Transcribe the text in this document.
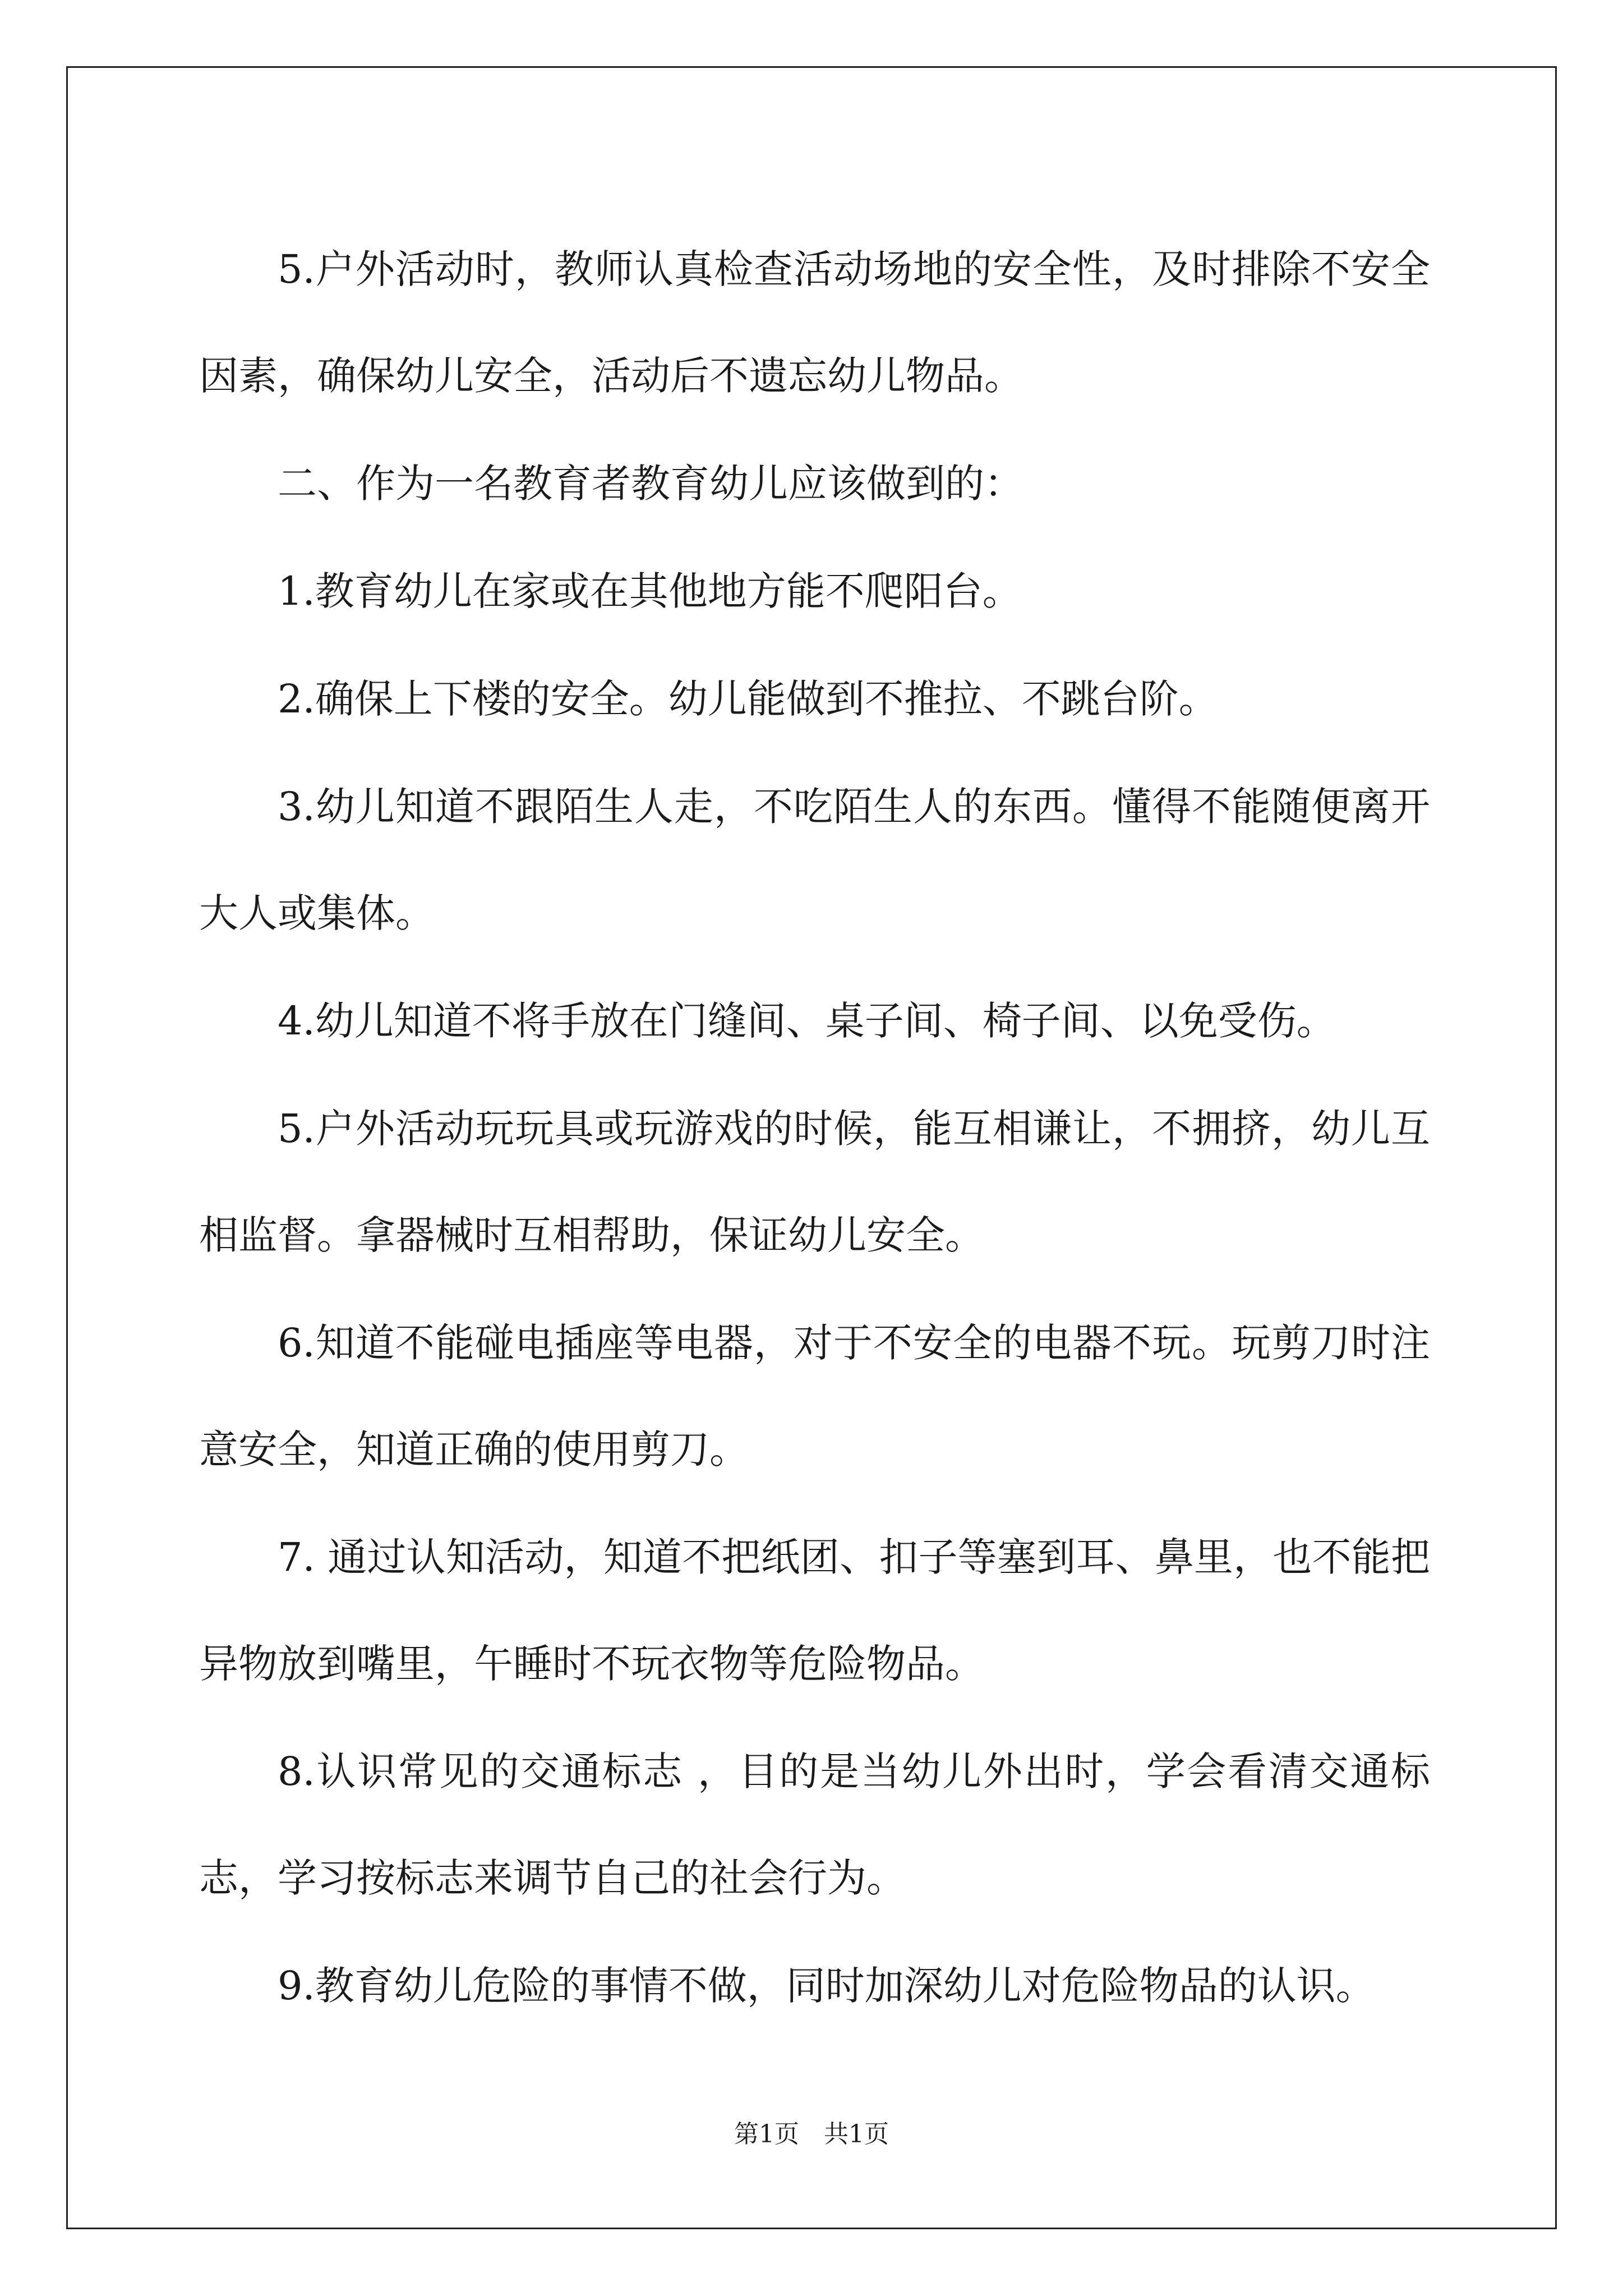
5.户外活动时，教师认真检查活动场地的安全性，及时排除不安全因素，确保幼儿安全，活动后不遗忘幼儿物品。

二、作为一名教育者教育幼儿应该做到的：

1.教育幼儿在家或在其他地方能不爬阳台。

2.确保上下楼的安全。幼儿能做到不推拉、不跳台阶。

3.幼儿知道不跟陌生人走，不吃陌生人的东西。懂得不能随便离开大人或集体。

4.幼儿知道不将手放在门缝间、桌子间、椅子间、以免受伤。

5.户外活动玩玩具或玩游戏的时候，能互相谦让，不拥挤，幼儿互相监督。拿器械时互相帮助，保证幼儿安全。

6.知道不能碰电插座等电器，对于不安全的电器不玩。玩剪刀时注意安全，知道正确的使用剪刀。

7. 通过认知活动，知道不把纸团、扣子等塞到耳、鼻里，也不能把异物放到嘴里，午睡时不玩衣物等危险物品。

8.认识常见的交通标志 ，目的是当幼儿外出时，学会看清交通标志，学习按标志来调节自己的社会行为。

9.教育幼儿危险的事情不做，同时加深幼儿对危险物品的认识。

第1页　共1页
